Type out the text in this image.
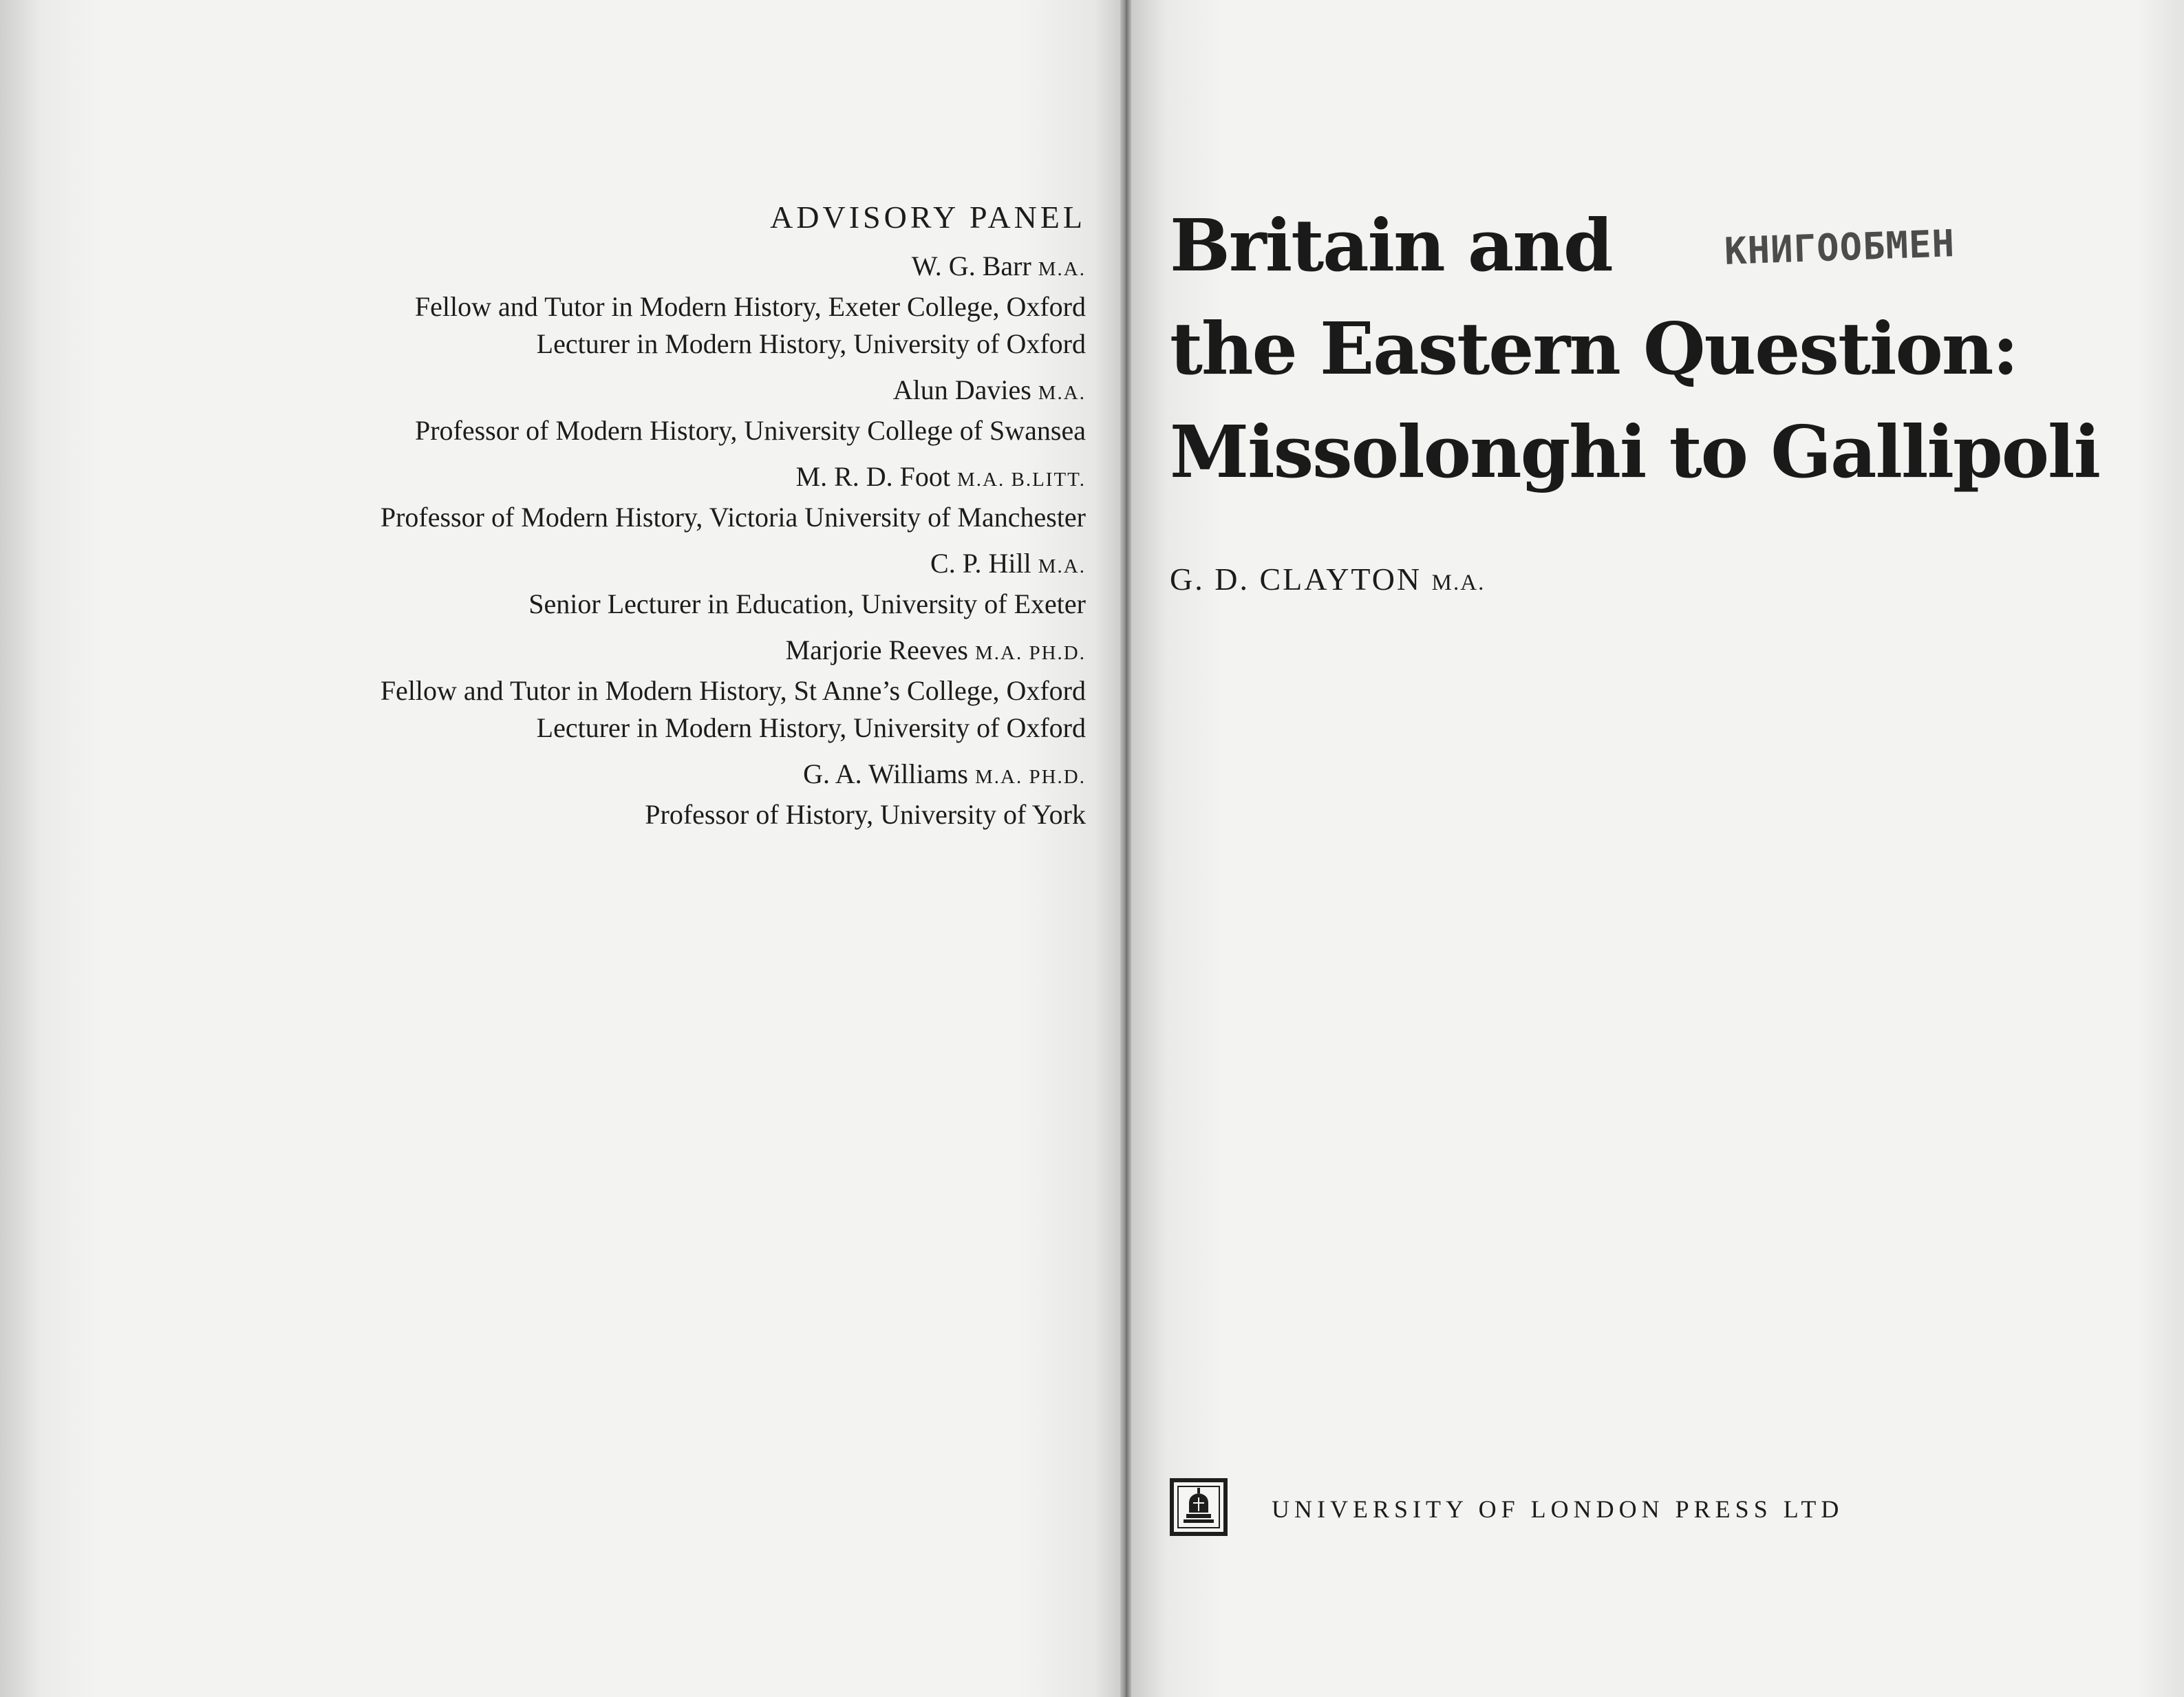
ADVISORY PANEL
W. G. Barr M.A.
Fellow and Tutor in Modern History, Exeter College, Oxford
Lecturer in Modern History, University of Oxford
Alun Davies M.A.
Professor of Modern History, University College of Swansea
M. R. D. Foot M.A. B.LITT.
Professor of Modern History, Victoria University of Manchester
C. P. Hill M.A.
Senior Lecturer in Education, University of Exeter
Marjorie Reeves M.A. PH.D.
Fellow and Tutor in Modern History, St Anne’s College, Oxford
Lecturer in Modern History, University of Oxford
G. A. Williams M.A. PH.D.
Professor of History, University of York
Britain and
the Eastern Question:
Missolonghi to Gallipoli
КНИГООБМЕН
G. D. CLAYTON M.A.
UNIVERSITY OF LONDON PRESS LTD
